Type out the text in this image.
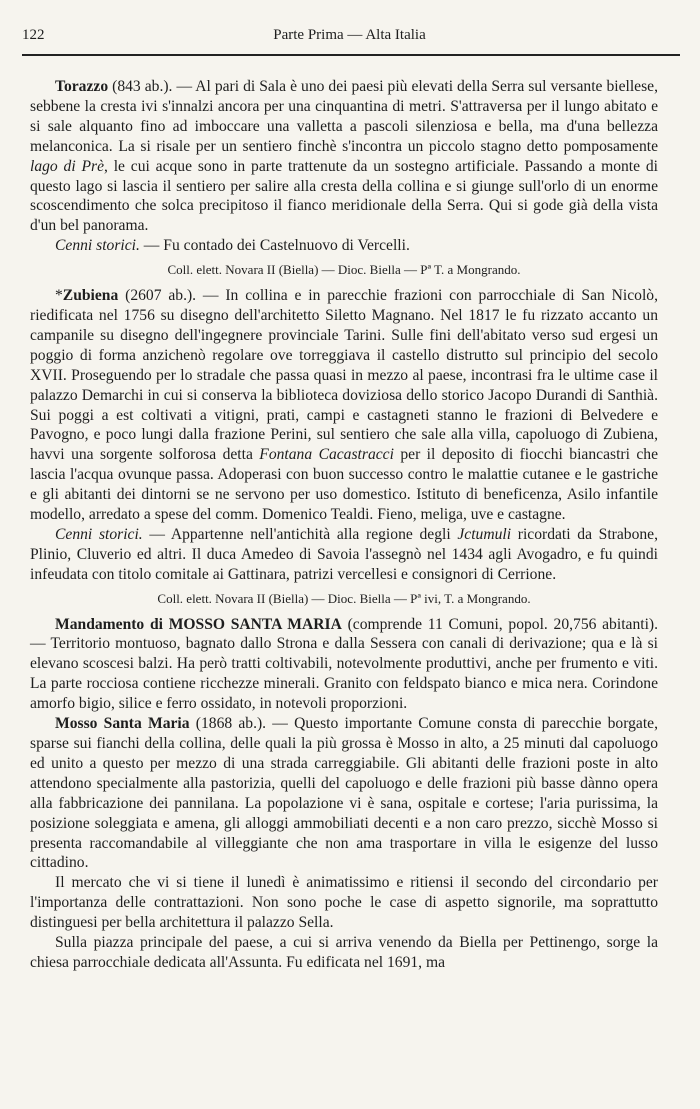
122	Parte Prima — Alta Italia

Torazzo (843 ab.). — Al pari di Sala è uno dei paesi più elevati della Serra sul versante biellese, sebbene la cresta ivi s'innalzi ancora per una cinquantina di metri. S'attraversa per il lungo abitato e si sale alquanto fino ad imboccare una valletta a pascoli silenziosa e bella, ma d'una bellezza melanconica. La si risale per un sentiero finchè s'incontra un piccolo stagno detto pomposamente lago di Prè, le cui acque sono in parte trattenute da un sostegno artificiale. Passando a monte di questo lago si lascia il sentiero per salire alla cresta della collina e si giunge sull'orlo di un enorme scoscendimento che solca precipitoso il fianco meridionale della Serra. Qui si gode già della vista d'un bel panorama.

Cenni storici. — Fu contado dei Castelnuovo di Vercelli.

Coll. elett. Novara II (Biella) — Dioc. Biella — Pª T. a Mongrando.

*Zubiena (2607 ab.). — In collina e in parecchie frazioni con parrocchiale di San Nicolò, riedificata nel 1756 su disegno dell'architetto Siletto Magnano. Nel 1817 le fu rizzato accanto un campanile su disegno dell'ingegnere provinciale Tarini. Sulle fini dell'abitato verso sud ergesi un poggio di forma anzichenò regolare ove torreggiava il castello distrutto sul principio del secolo XVII. Proseguendo per lo stradale che passa quasi in mezzo al paese, incontrasi fra le ultime case il palazzo Demarchi in cui si conserva la biblioteca doviziosa dello storico Jacopo Durandi di Santhià. Sui poggi a est coltivati a vitigni, prati, campi e castagneti stanno le frazioni di Belvedere e Pavogno, e poco lungi dalla frazione Perini, sul sentiero che sale alla villa, capoluogo di Zubiena, havvi una sorgente solforosa detta Fontana Cacastracci per il deposito di fiocchi biancastri che lascia l'acqua ovunque passa. Adoperasi con buon successo contro le malattie cutanee e le gastriche e gli abitanti dei dintorni se ne servono per uso domestico. Istituto di beneficenza, Asilo infantile modello, arredato a spese del comm. Domenico Tealdi. Fieno, meliga, uve e castagne.

Cenni storici. — Appartenne nell'antichità alla regione degli Jctumuli ricordati da Strabone, Plinio, Cluverio ed altri. Il duca Amedeo di Savoia l'assegnò nel 1434 agli Avogadro, e fu quindi infeudata con titolo comitale ai Gattinara, patrizi vercellesi e consignori di Cerrione.

Coll. elett. Novara II (Biella) — Dioc. Biella — Pª ivi, T. a Mongrando.

Mandamento di MOSSO SANTA MARIA (comprende 11 Comuni, popol. 20,756 abitanti). — Territorio montuoso, bagnato dallo Strona e dalla Sessera con canali di derivazione; qua e là si elevano scoscesi balzi. Ha però tratti coltivabili, notevolmente produttivi, anche per frumento e viti. La parte rocciosa contiene ricchezze minerali. Granito con feldspato bianco e mica nera. Corindone amorfo bigio, silice e ferro ossidato, in notevoli proporzioni.

Mosso Santa Maria (1868 ab.). — Questo importante Comune consta di parecchie borgate, sparse sui fianchi della collina, delle quali la più grossa è Mosso in alto, a 25 minuti dal capoluogo ed unito a questo per mezzo di una strada carreggiabile. Gli abitanti delle frazioni poste in alto attendono specialmente alla pastorizia, quelli del capoluogo e delle frazioni più basse dànno opera alla fabbricazione dei pannilana. La popolazione vi è sana, ospitale e cortese; l'aria purissima, la posizione soleggiata e amena, gli alloggi ammobiliati decenti e a non caro prezzo, sicchè Mosso si presenta raccomandabile al villeggiante che non ama trasportare in villa le esigenze del lusso cittadino.

Il mercato che vi si tiene il lunedì è animatissimo e ritiensi il secondo del circondario per l'importanza delle contrattazioni. Non sono poche le case di aspetto signorile, ma soprattutto distinguesi per bella architettura il palazzo Sella.

Sulla piazza principale del paese, a cui si arriva venendo da Biella per Pettinengo, sorge la chiesa parrocchiale dedicata all'Assunta. Fu edificata nel 1691, ma
